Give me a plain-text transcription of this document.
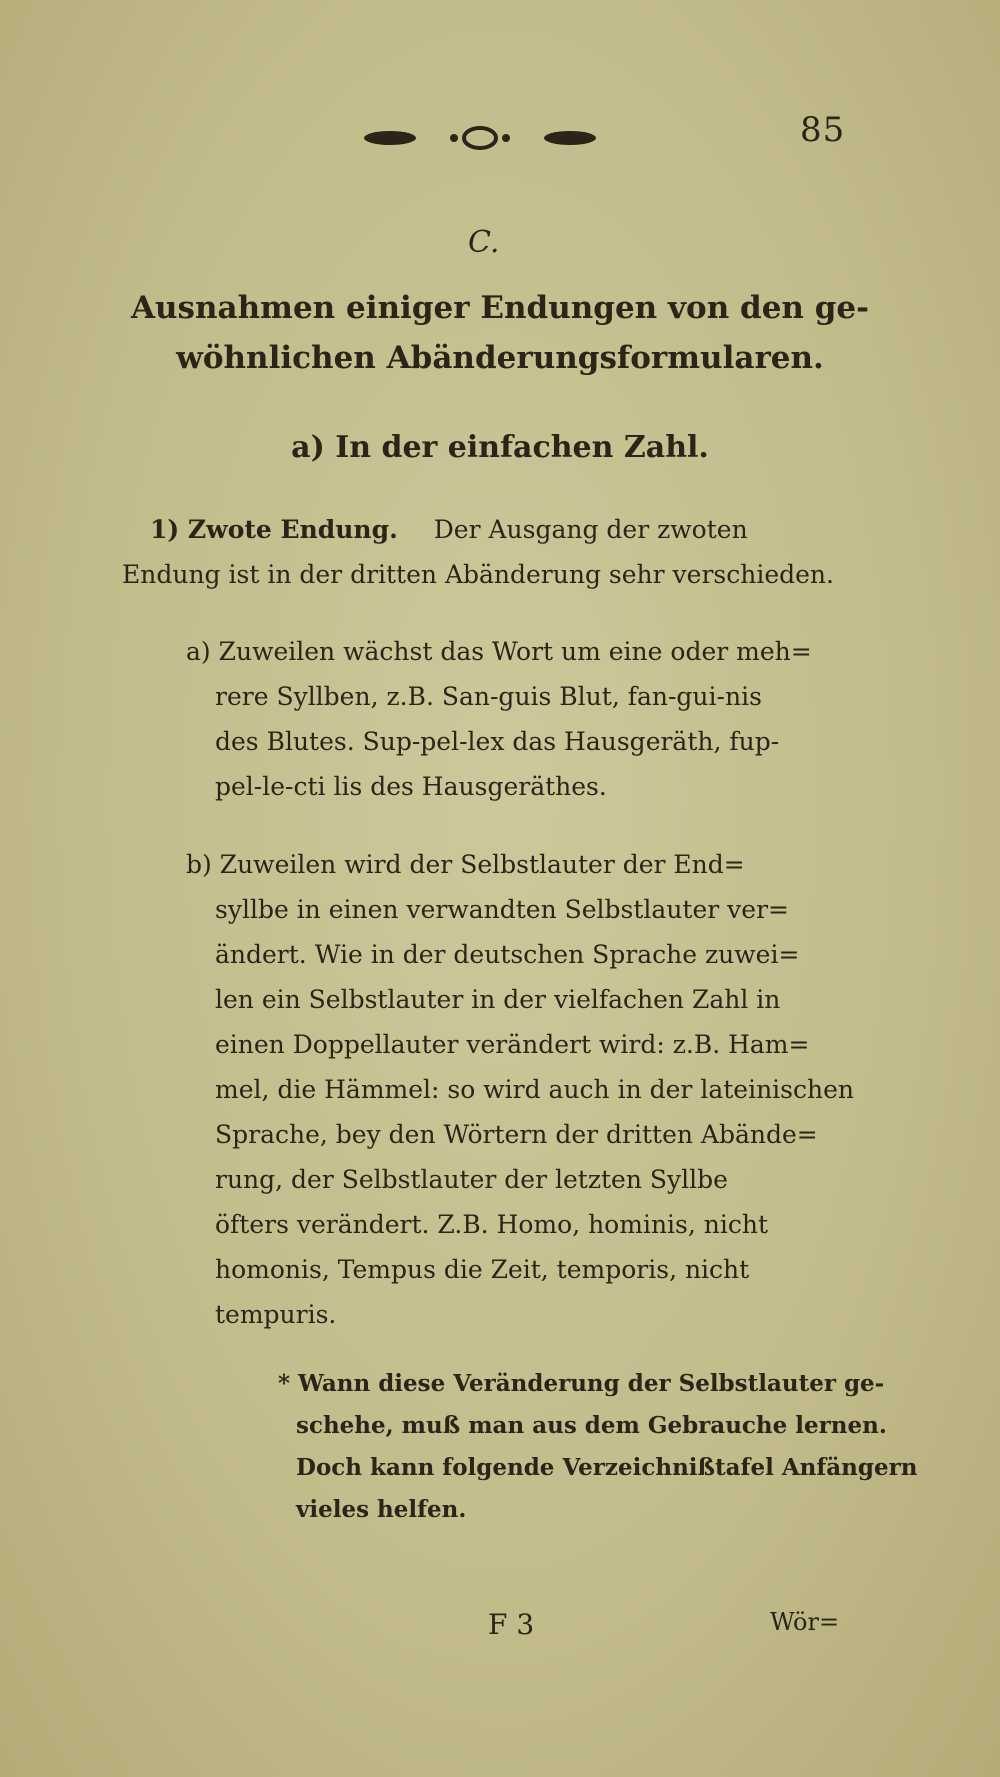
85
C.
Ausnahmen einiger Endungen von den ge-
wöhnlichen Abänderungsformularen.
a) In der einfachen Zahl.
1) Zwote Endung. Der Ausgang der zwoten
Endung ist in der dritten Abänderung sehr verschieden.
a) Zuweilen wächst das Wort um eine oder meh=
rere Syllben, z.B. San-guis Blut, fan-gui-nis
des Blutes. Sup-pel-lex das Hausgeräth, fup-
pel-le-cti lis des Hausgeräthes.
b) Zuweilen wird der Selbstlauter der End=
syllbe in einen verwandten Selbstlauter ver=
ändert. Wie in der deutschen Sprache zuwei=
len ein Selbstlauter in der vielfachen Zahl in
einen Doppellauter verändert wird: z.B. Ham=
mel, die Hämmel: so wird auch in der lateinischen
Sprache, bey den Wörtern der dritten Abände=
rung, der Selbstlauter der letzten Syllbe
öfters verändert. Z.B. Homo, hominis, nicht
homonis, Tempus die Zeit, temporis, nicht
tempuris.
* Wann diese Veränderung der Selbstlauter ge-
schehe, muß man aus dem Gebrauche lernen.
Doch kann folgende Verzeichnißtafel Anfängern
vieles helfen.
F 3	Wör=
